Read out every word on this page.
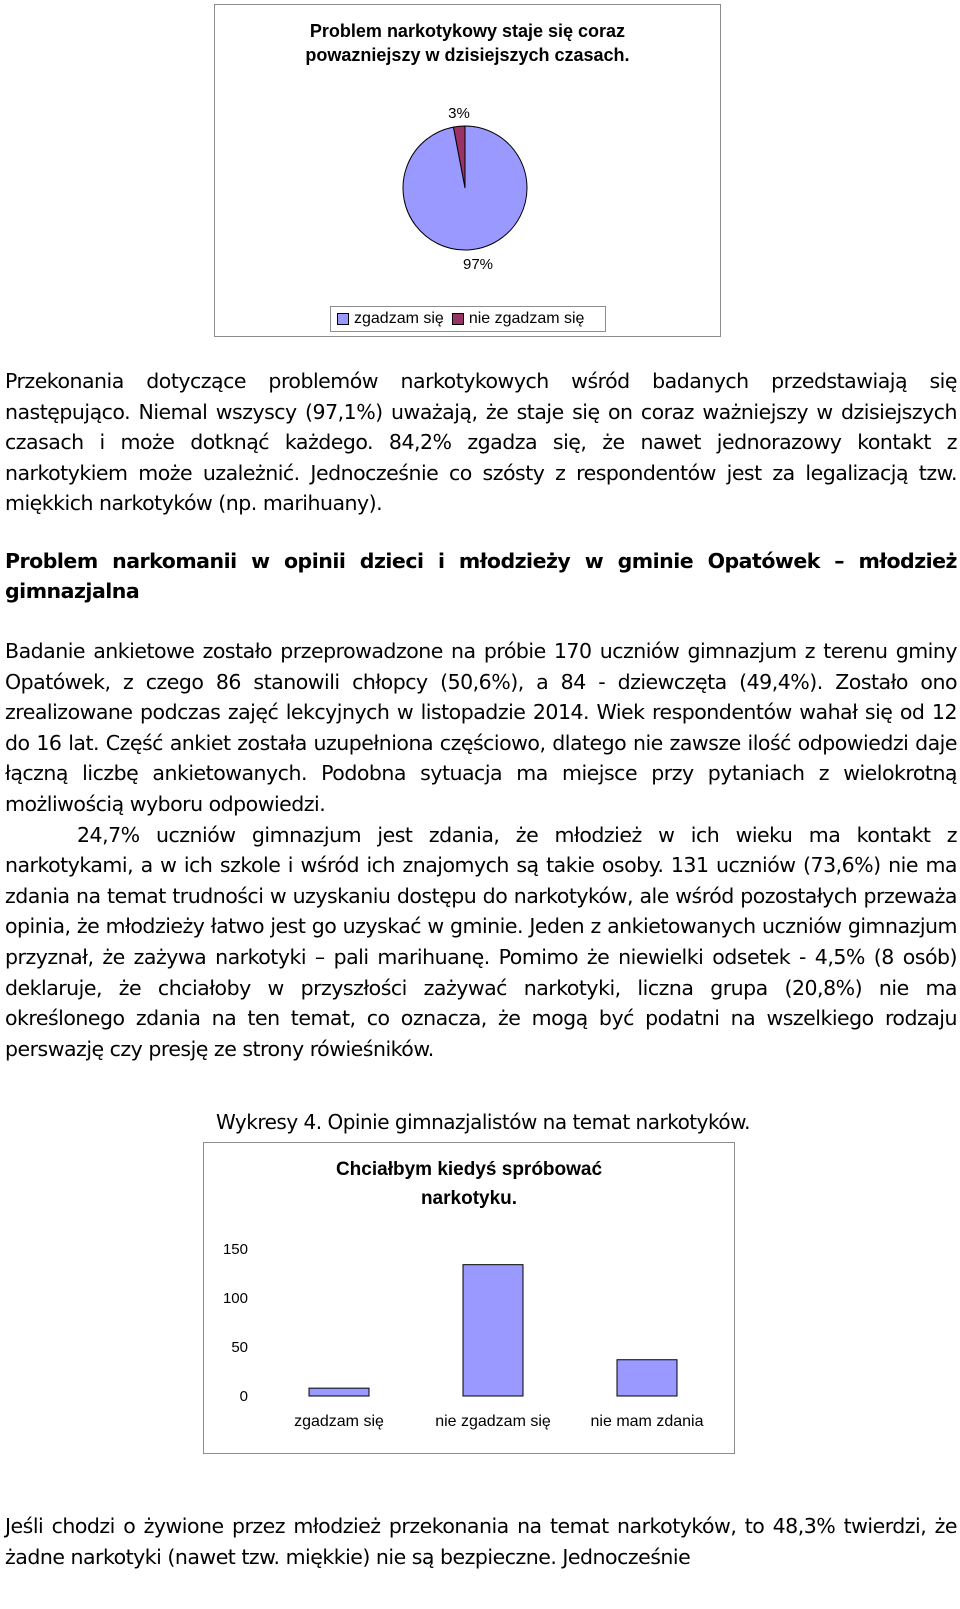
Problem narkotykowy staje się coraz
powazniejszy w dzisiejszych czasach.
97%
3%
zgadzam się nie zgadzam się

Przekonania dotyczące problemów narkotykowych wśród badanych przedstawiają się następująco. Niemal wszyscy (97,1%) uważają, że staje się on coraz ważniejszy w dzisiejszych czasach i może dotknąć każdego. 84,2% zgadza się, że nawet jednorazowy kontakt z narkotykiem może uzależnić. Jednocześnie co szósty z respondentów jest za legalizacją tzw. miękkich narkotyków (np. marihuany).

Problem narkomanii w opinii dzieci i młodzieży w gminie Opatówek – młodzież gimnazjalna

Badanie ankietowe zostało przeprowadzone na próbie 170 uczniów gimnazjum z terenu gminy Opatówek, z czego 86 stanowili chłopcy (50,6%), a 84 - dziewczęta (49,4%). Zostało ono zrealizowane podczas zajęć lekcyjnych w listopadzie 2014. Wiek respondentów wahał się od 12 do 16 lat. Część ankiet została uzupełniona częściowo, dlatego nie zawsze ilość odpowiedzi daje łączną liczbę ankietowanych. Podobna sytuacja ma miejsce przy pytaniach z wielokrotną możliwością wyboru odpowiedzi.

24,7% uczniów gimnazjum jest zdania, że młodzież w ich wieku ma kontakt z narkotykami, a w ich szkole i wśród ich znajomych są takie osoby. 131 uczniów (73,6%) nie ma zdania na temat trudności w uzyskaniu dostępu do narkotyków, ale wśród pozostałych przeważa opinia, że młodzieży łatwo jest go uzyskać w gminie. Jeden z ankietowanych uczniów gimnazjum przyznał, że zażywa narkotyki – pali marihuanę. Pomimo że niewielki odsetek - 4,5% (8 osób) deklaruje, że chciałoby w przyszłości zażywać narkotyki, liczna grupa (20,8%) nie ma określonego zdania na ten temat, co oznacza, że mogą być podatni na wszelkiego rodzaju perswazję czy presję ze strony rówieśników.

Wykresy 4. Opinie gimnazjalistów na temat narkotyków.
Chciałbym kiedyś spróbować
narkotyku.
0
50
100
150
zgadzam się	nie zgadzam się nie mam zdania

Jeśli chodzi o żywione przez młodzież przekonania na temat narkotyków, to 48,3% twierdzi, że żadne narkotyki (nawet tzw. miękkie) nie są bezpieczne. Jednocześnie
